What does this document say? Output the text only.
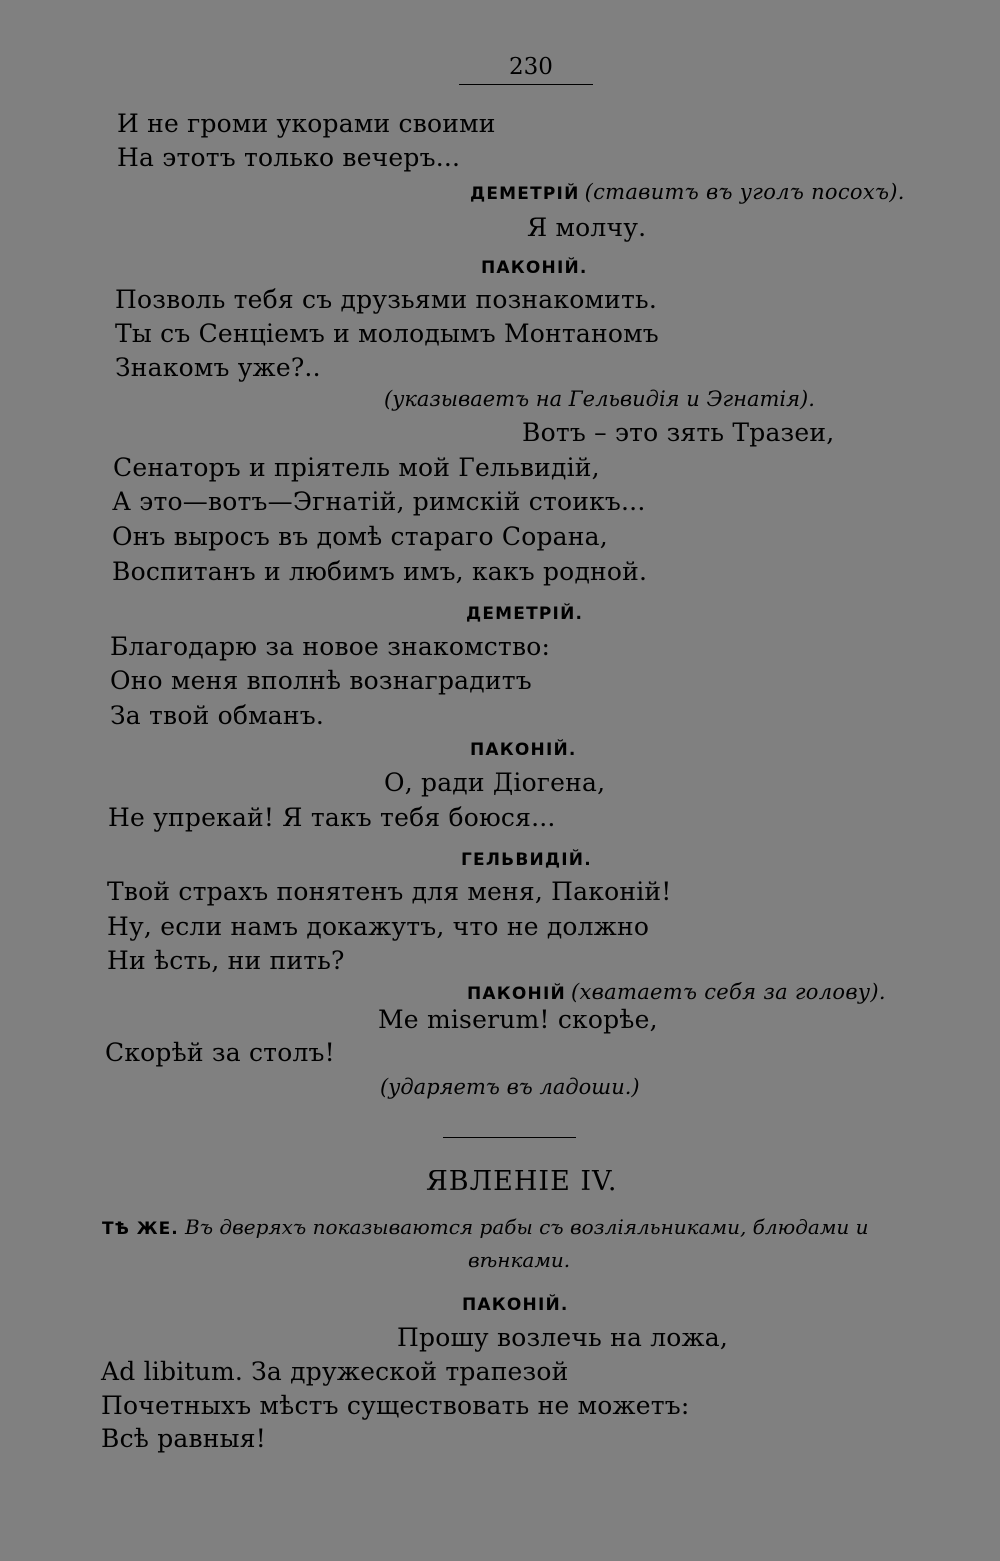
230
И не громи укорами своими
На этотъ только вечеръ...
ДЕМЕТРІЙ (ставитъ въ уголъ посохъ).
Я молчу.
ПАКОНІЙ.
Позволь тебя съ друзьями познакомить.
Ты съ Сенціемъ и молодымъ Монтаномъ
Знакомъ уже?..
(указываетъ на Гельвидія и Эгнатія).
Вотъ – это зять Тразеи,
Сенаторъ и пріятель мой Гельвидій,
А это—вотъ—Эгнатій, римскій стоикъ...
Онъ выросъ въ домѣ стараго Сорана,
Воспитанъ и любимъ имъ, какъ родной.
ДЕМЕТРІЙ.
Благодарю за новое знакомство:
Оно меня вполнѣ вознаградитъ
За твой обманъ.
ПАКОНІЙ.
О, ради Діогена,
Не упрекай! Я такъ тебя боюся...
ГЕЛЬВИДІЙ.
Твой страхъ понятенъ для меня, Паконій!
Ну, если намъ докажутъ, что не должно
Ни ѣсть, ни пить?
ПАКОНІЙ (хватаетъ себя за голову).
Me miserum! скорѣе,
Скорѣй за столъ!
(ударяетъ въ ладоши.)
ЯВЛЕНІЕ IV.
ТѢ ЖЕ. Въ дверяхъ показываются рабы съ возліяльниками, блюдами и
вѣнками.
ПАКОНІЙ.
Прошу возлечь на ложа,
Ad libitum. За дружеской трапезой
Почетныхъ мѣстъ существовать не можетъ:
Всѣ равныя!
